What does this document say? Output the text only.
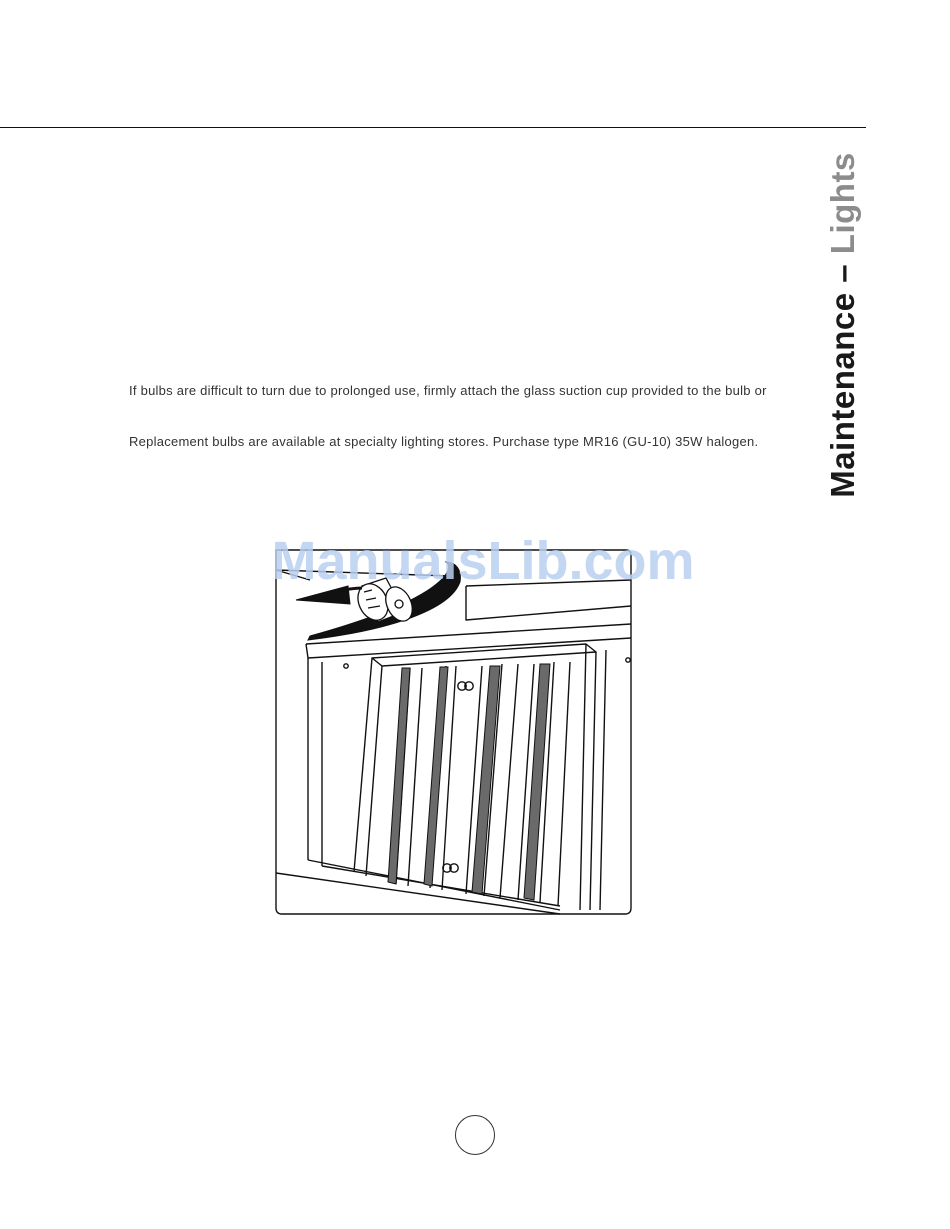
Maintenance – Lights
If bulbs are difficult to turn due to prolonged use, firmly attach the glass suction cup provided to the bulb or
Replacement bulbs are available at specialty lighting stores. Purchase type MR16 (GU-10) 35W halogen.
ManualsLib.com
